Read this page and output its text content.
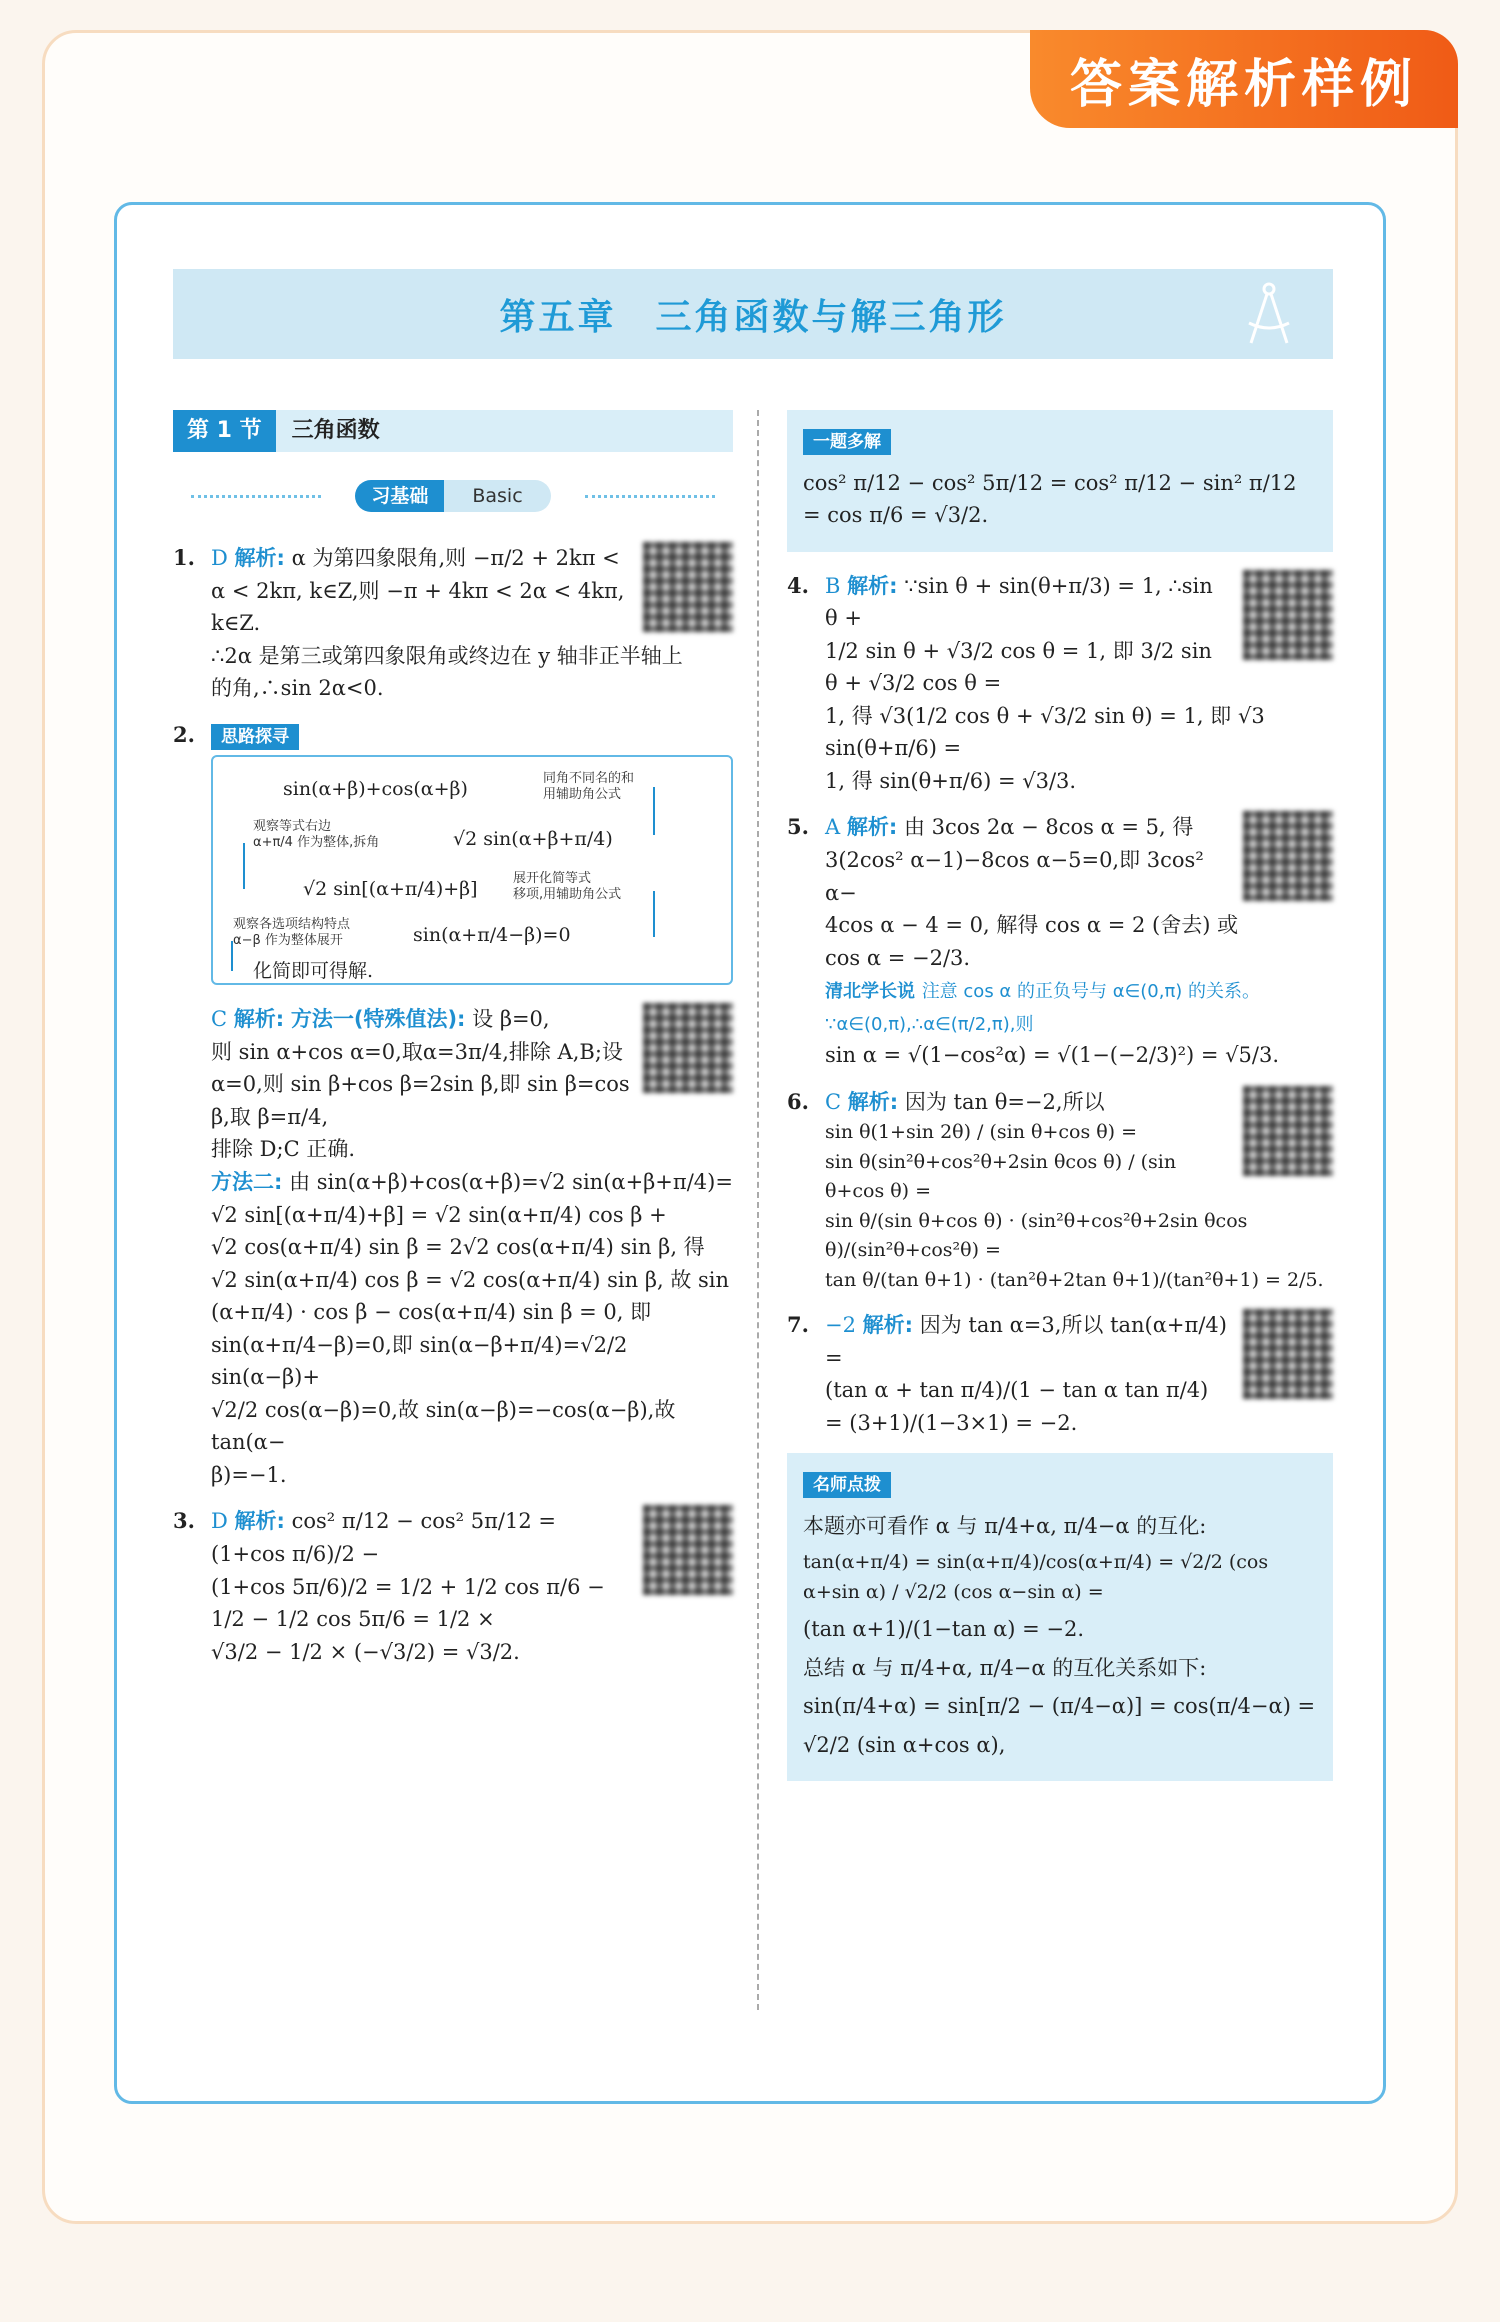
答案解析样例
第五章　三角函数与解三角形
第 1 节	三角函数
习基础	Basic
1. D 解析: α 为第四象限角,则 −π/2 + 2kπ <
α < 2kπ, k∈Z,则 −π + 4kπ < 2α < 4kπ, k∈Z.
∴2α 是第三或第四象限角或终边在 y 轴非正半轴上
的角,∴sin 2α<0.
2. 思路探寻
sin(α+β)+cos(α+β)	同角不同名的和
用辅助角公式
√2 sin(α+β+π/4)
观察等式右边
α+π/4 作为整体,拆角
√2 sin[(α+π/4)+β]	展开化简等式
移项,用辅助角公式
sin(α+π/4−β)=0
观察各选项结构特点
α−β 作为整体展开
化简即可得解.
C 解析: 方法一(特殊值法): 设 β=0,
则 sin α+cos α=0,取α=3π/4,排除 A,B;设
α=0,则 sin β+cos β=2sin β,即 sin β=cos β,取 β=π/4,
排除 D;C 正确.
方法二: 由 sin(α+β)+cos(α+β)=√2 sin(α+β+π/4)=
√2 sin[(α+π/4)+β] = √2 sin(α+π/4) cos β +
√2 cos(α+π/4) sin β = 2√2 cos(α+π/4) sin β, 得
√2 sin(α+π/4) cos β = √2 cos(α+π/4) sin β, 故 sin
(α+π/4) · cos β − cos(α+π/4) sin β = 0, 即
sin(α+π/4−β)=0,即 sin(α−β+π/4)=√2/2 sin(α−β)+
√2/2 cos(α−β)=0,故 sin(α−β)=−cos(α−β),故 tan(α−
β)=−1.
3. D 解析: cos² π/12 − cos² 5π/12 = (1+cos π/6)/2 −
(1+cos 5π/6)/2 = 1/2 + 1/2 cos π/6 − 1/2 − 1/2 cos 5π/6 = 1/2 ×
√3/2 − 1/2 × (−√3/2) = √3/2.
一题多解
cos² π/12 − cos² 5π/12 = cos² π/12 − sin² π/12 = cos π/6 = √3/2.
4. B 解析: ∵sin θ + sin(θ+π/3) = 1, ∴sin θ +
1/2 sin θ + √3/2 cos θ = 1, 即 3/2 sin θ + √3/2 cos θ =
1, 得 √3(1/2 cos θ + √3/2 sin θ) = 1, 即 √3 sin(θ+π/6) =
1, 得 sin(θ+π/6) = √3/3.
5. A 解析: 由 3cos 2α − 8cos α = 5, 得
3(2cos² α−1)−8cos α−5=0,即 3cos² α−
4cos α − 4 = 0, 解得 cos α = 2 (舍去) 或
cos α = −2/3.
清北学长说 注意 cos α 的正负号与 α∈(0,π) 的关系。∵α∈(0,π),∴α∈(π/2,π),则
sin α = √(1−cos²α) = √(1−(−2/3)²) = √5/3.
6. C 解析: 因为 tan θ=−2,所以
sin θ(1+sin 2θ) / (sin θ+cos θ) =
sin θ(sin²θ+cos²θ+2sin θcos θ) / (sin θ+cos θ) =
sin θ/(sin θ+cos θ) · (sin²θ+cos²θ+2sin θcos θ)/(sin²θ+cos²θ) =
tan θ/(tan θ+1) · (tan²θ+2tan θ+1)/(tan²θ+1) = 2/5.
7. −2 解析: 因为 tan α=3,所以 tan(α+π/4) =
(tan α + tan π/4)/(1 − tan α tan π/4) = (3+1)/(1−3×1) = −2.
名师点拨
本题亦可看作 α 与 π/4+α, π/4−α 的互化:
tan(α+π/4) = sin(α+π/4)/cos(α+π/4) = √2/2 (cos α+sin α) / √2/2 (cos α−sin α) =
(tan α+1)/(1−tan α) = −2.
总结 α 与 π/4+α, π/4−α 的互化关系如下:
sin(π/4+α) = sin[π/2 − (π/4−α)] = cos(π/4−α) =
√2/2 (sin α+cos α),
